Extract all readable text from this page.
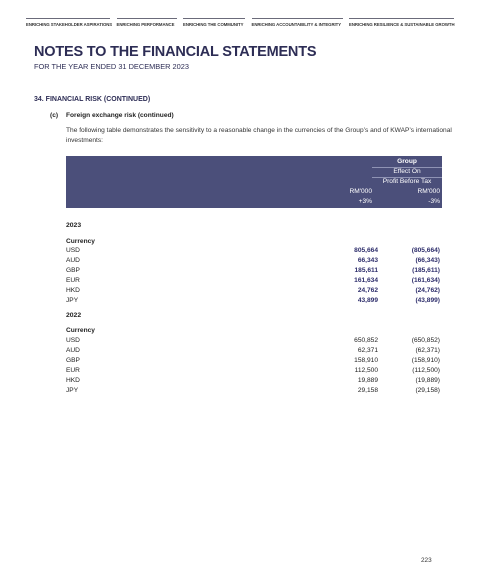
ENRICHING STAKEHOLDER ASPIRATIONS ENRICHING PERFORMANCE	ENRICHING THE COMMUNITY	ENRICHING ACCOUNTABILITY & INTEGRITY	ENRICHING RESILIENCE & SUSTAINABLE GROWTH
NOTES TO THE FINANCIAL STATEMENTS
FOR THE YEAR ENDED 31 DECEMBER 2023
34. FINANCIAL RISK (CONTINUED)
(c) Foreign exchange risk (continued)
The following table demonstrates the sensitivity to a reasonable change in the currencies of the Group’s and of KWAP’s international investments:
Group
Effect On
Profit Before Tax
RM'000	RM'000
+3%	-3%
2023
Currency
USD	805,664	(805,664)
AUD	66,343	(66,343)
GBP	185,611	(185,611)
EUR	161,634	(161,634)
HKD	24,762	(24,762)
JPY	43,899	(43,899)
2022
Currency
USD	650,852	(650,852)
AUD	62,371	(62,371)
GBP	158,910	(158,910)
EUR	112,500	(112,500)
HKD	19,889	(19,889)
JPY	29,158	(29,158)
223
